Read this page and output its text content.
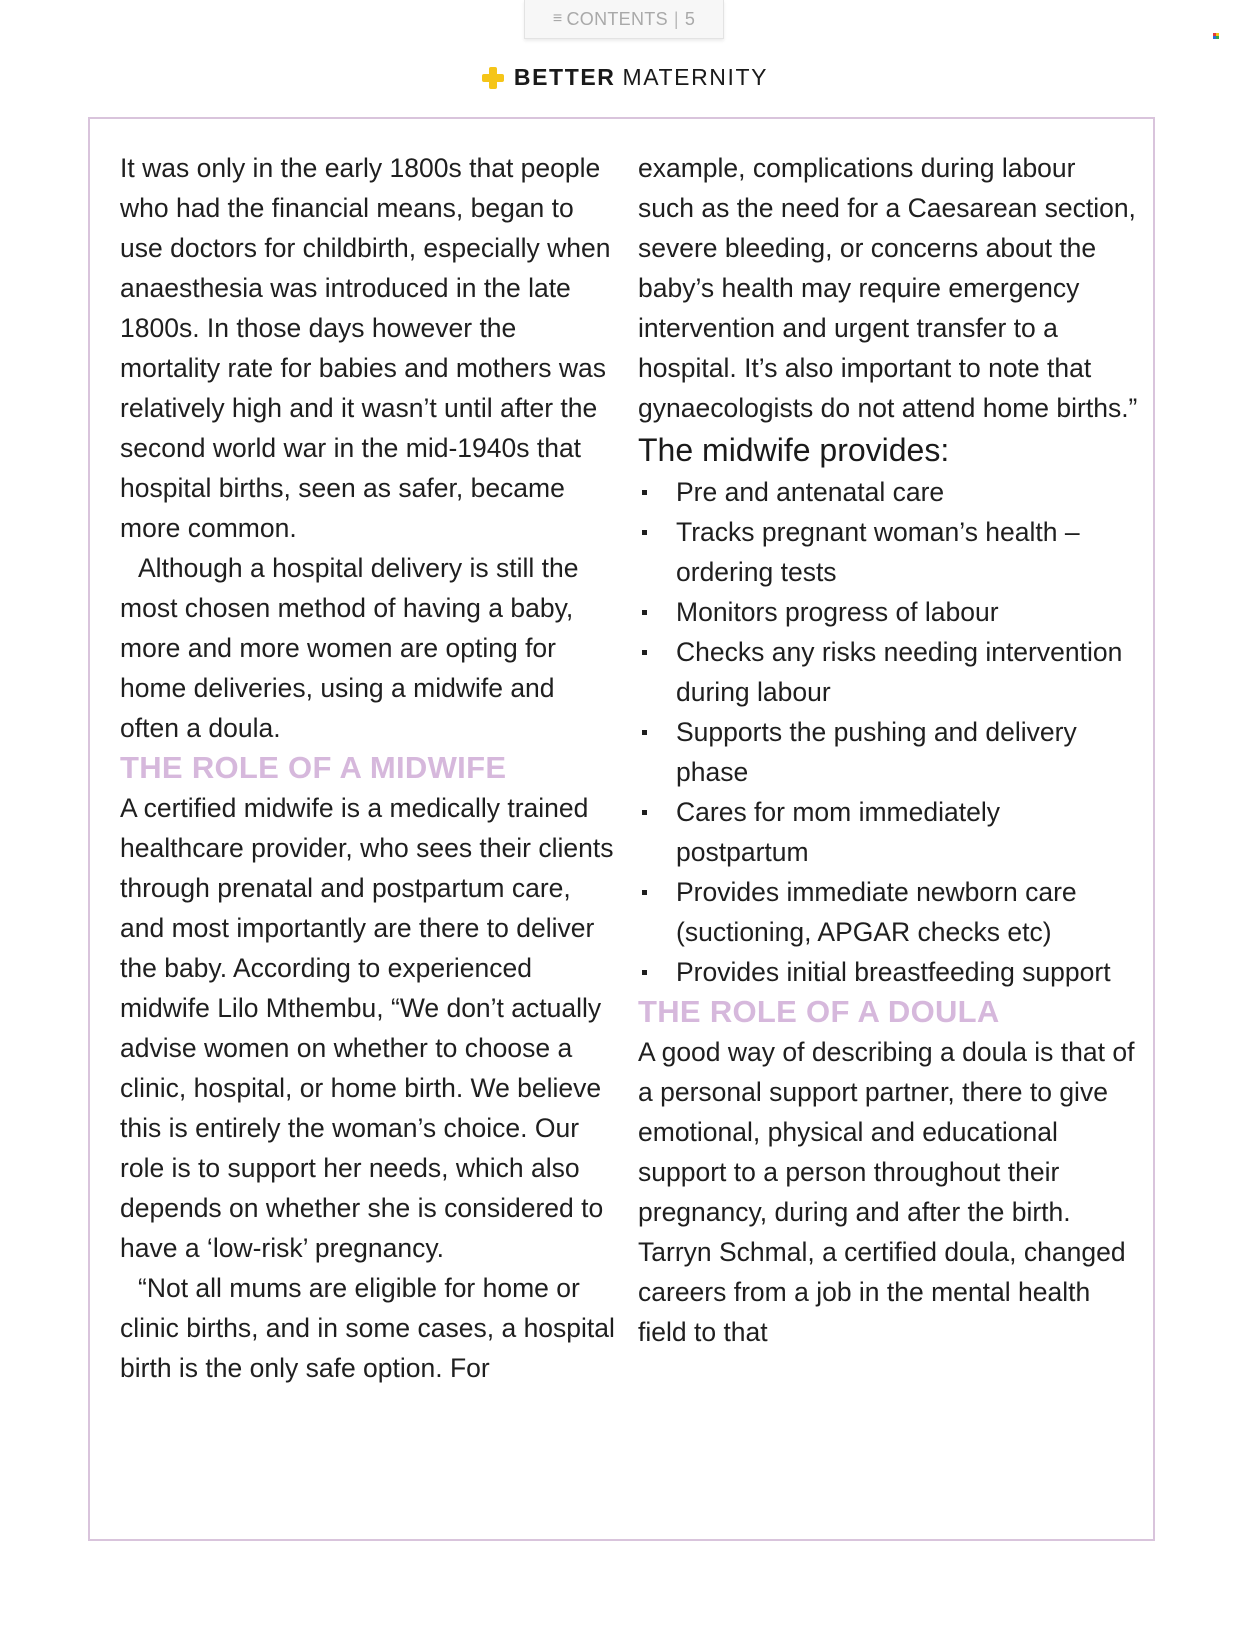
≡ CONTENTS | 5
BETTER MATERNITY

It was only in the early 1800s that people who had the financial means, began to use doctors for childbirth, especially when anaesthesia was introduced in the late 1800s. In those days however the mortality rate for babies and mothers was relatively high and it wasn’t until after the second world war in the mid-1940s that hospital births, seen as safer, became more common.

Although a hospital delivery is still the most chosen method of having a baby, more and more women are opting for home deliveries, using a midwife and often a doula.

THE ROLE OF A MIDWIFE

A certified midwife is a medically trained healthcare provider, who sees their clients through prenatal and postpartum care, and most importantly are there to deliver the baby. According to experienced midwife Lilo Mthembu, “We don’t actually advise women on whether to choose a clinic, hospital, or home birth. We believe this is entirely the woman’s choice. Our role is to support her needs, which also depends on whether she is considered to have a ‘low-risk’ pregnancy.

“Not all mums are eligible for home or clinic births, and in some cases, a hospital birth is the only safe option. For

example, complications during labour such as the need for a Caesarean section, severe bleeding, or concerns about the baby’s health may require emergency intervention and urgent transfer to a hospital. It’s also important to note that gynaecologists do not attend home births.”

The midwife provides:
Pre and antenatal care
Tracks pregnant woman’s health – ordering tests
Monitors progress of labour
Checks any risks needing intervention during labour
Supports the pushing and delivery phase
Cares for mom immediately postpartum
Provides immediate newborn care (suctioning, APGAR checks etc)
Provides initial breastfeeding support
THE ROLE OF A DOULA

A good way of describing a doula is that of a personal support partner, there to give emotional, physical and educational support to a person throughout their pregnancy, during and after the birth. Tarryn Schmal, a certified doula, changed careers from a job in the mental health field to that
